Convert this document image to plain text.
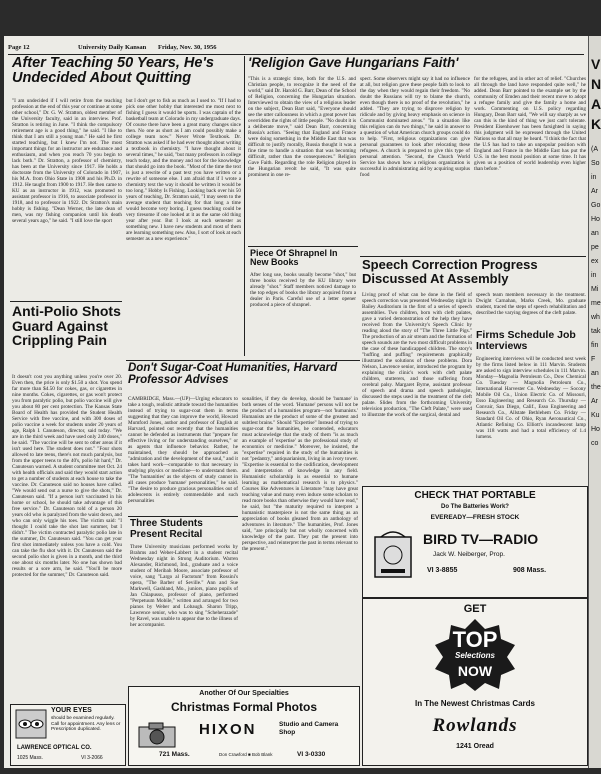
Page 12	University Daily Kansan Friday, Nov. 30, 1956
After Teaching 50 Years, He's Undecided About Quitting
"I am undecided if I will retire from the teaching profession at the end of this year or continue at some other school," Dr. G. W. Stratton, oldest member of the University faculty, said in an interview. Prof. Stratton is retiring in June. "I think the compulsory retirement age is a good thing," he said. "I like to think that I am still a young man." He said he first started teaching, but I knew I'm not. The most important things for an instructor are endurance and enthusiasm, and when you reach 70 you begin to lack both." Dr. Stratton, a professor of chemistry, has been at the University since 1917. He holds a doctorate from the University of Colorado in 1907, his M.A. from Ohio State in 1908 and his Ph.D. in 1912. He taught from 1900 to 1917. He then came to KU as an instructor in 1912, was promoted to assistant professor in 1916, to associate professor in 1918, and to professor in 1922. Dr. Stratton's main hobby is fishing. "Dean Werner, the late dean of men, was my fishing companion until his death several years ago," he said. "I still love the sport
but I don't get to fish as much as I used to. "If I had to pick one other hobby that interested me most next to fishing I guess it would be sports. I was captain of the basketball team at Colorado in my undergraduate days. Of course there have been a great many changes since then. No one as short as I am could possibly make a college team now." Never Wrote Textbook. Dr. Stratton was asked if he had ever thought about writing a textbook in chemistry. "I have thought about it several times," he said, "but many professors in college teach today, and the money and not for the knowledge that should go into the book. "Most of the time the text is just a rewrite of a past text you have written or a rewrite of someone else. I am afraid that if I wrote a chemistry text the way it should be written it would be too long." Hobby Is Fishing. Looking back over his 50 years of teaching, Dr. Stratton said, "I may seem to the average student that teaching for that long a time would become very boring. I guess teaching could be very tiresome if one looked at it as the same old thing year after year. But I look at each semester as something new. I have new students and most of them are learning something new. Also, I sort of look at each semester as a new experience."
Anti-Polio Shots Guard Against Crippling Pain
It doesn't cost you anything unless you're over 20. Even then, the price is only $1.50 a shot. You spend far more than $4.50 for cokes, gas, or cigarettes in nine months. Cokes, cigarettes, or gas won't protect you from paralytic polio, but polio vaccine will give you about 80 per cent protection. The Kansas State Board of Health has provided the Student Health Service with free vaccine, and with 300 doses of polio vaccine a week for students under 20 years of age, Ralph I. Canuteson, director, said today. "We are in the third week and have used only 240 doses," he said. "The vaccine will be sent to other areas if it isn't used here. The student does not." "Four shots allowed to late teens, there's not much paralysis, but from the upper teens to the 40's, polio hit hard," Dr. Canuteson warned. A student committee met Oct. 24 with health officials and said they would start action to get a number of students at each house to take the vaccine. Dr. Canuteson said no houses have called. "We would send out a nurse to give the shots," Dr. Canuteson said. "If a person isn't vaccinated in his home or school, he should take advantage of this free service." Dr. Canuteson told of a person 20 years old who is paralyzed from the waist down, and who can only wiggle his toes. The victim said: "I thought I could take the shot last summer, but I didn't." The victim contracted paralytic polio late in the summer, Dr. Canuteson said. "You can get your first shot immediately unless you have a cold. You can take the flu shot with it. Dr. Canuteson said the second polio shot is given in a month, and the third one about six months later. No one has shown bad results or a sore arm, he said. "You'll be more protected for the summer," Dr. Canuteson said.
YOUR EYES
should be examined regularly. Call for appointment. Any lens or Prescription duplicated.
LAWRENCE OPTICAL CO.
1025 Mass.	VI 3-2066
'Religion Gave Hungarians Faith'
"This is a strategic time, both for the U.S. and Christian people, to recognize it the need of the world," said Dr. Harold G. Barr, Dean of the School of Religion, concerning the Hungarian situation. Interviewed to obtain the view of a religious leader on the subject, Dean Barr said, "Everyone should see the utter callousness in which a great power has overridden the rights of little people. "No doubt it is a deliberate move," said Dean Barr, concerning Russia's action. "Seeing that England and France were doing something in the Middle East that was difficult to justify morally, Russia thought it was a fine time to handle a situation that was becoming difficult, rather than the consequences." Religion Gave Faith. Regarding the role Religion played in the Hungarian revolt he said, "It was quite prominent in one re-
spect. Some observers might say it had no influence at all, but religion gave these people faith to look to the day when they would regain their freedom. "No doubt the Russians will try to blame the church, even though there is no proof of the revolution," he added. "They are trying to disprove religion by ridicule and by giving heavy emphasis on science in Communist dominated areas." "In a situation like this religion can do two things," he said in answer to a question of what American church groups could do to help. "First, religious organizations can give personal guarantees to look after relocating these refugees. A church is prepared to give this type of personal attention. "Second, the Church World Service has shown how a religious organization is successful in administrating aid by acquiring surplus food
for the refugees, and in other act of relief. "Churches all through the land have responded quite well," he added. Dean Barr pointed to the example set by the community of Emden and their recent move to adopt a refugee family and give the family a home and work. Commenting on U.S. policy regarding Hungary, Dean Barr said, "We will say sharply as we can this is the kind of thing we just can't tolerate. President Eisenhower has been farsighted in saying this judgment will be expressed through the United Nations so that all may be heard. "I think the fact that the U.S has had to take an unpopular position with England and France in the Middle East has put the U.S. in the best moral position at some time. It has given us a position of world leadership even higher than before."
Piece Of Shrapnel In New Books
After long use, books usually become "shot," but three books received by the KU library were already "shot." Staff members noticed damage to the top edges of books the library acquired from a dealer in Paris. Careful use of a letter opener produced a piece of shrapnel.
Speech Correction Progress Discussed At Assembly
Living proof of what can be done in the field of speech correction was presented Wednesday night in Bailey Auditorium in the first of a series of speech assemblies. Two children, born with cleft palates, gave a varied demonstration of the help they have received from the University's Speech Clinic by reading aloud the story of "The Three Little Pigs." The production of an air stream and the formation of speech sounds are the two most difficult problems in the case of these handicapped children. The story's "huffing and puffing" requirements graphically illustrated the solutions of these problems. Dora Nelson, Lawrence senior, introduced the program by explaining the clinic's work with cleft palate children, stutterers, and those suffering from cerebral palsy. Margaret Byrne, assistant professor of speech and drama and speech pathologist, discussed the steps used in the treatment of the cleft palate. Slides from the forthcoming University television production, "The Cleft Palate," were used to illustrate the work of the surgical, dental and
speech team members necessary in the treatment. Dwight Carnahan, Marks Creek, Mo. graduate student, traced the steps of speech rehabilitation and described the varying degrees of the cleft palate.
Firms Schedule Job Interviews
Engineering interviews will be conducted next week by the firms listed below in 111 Marvin. Students are asked to sign interview schedules in 111 Marvin. Monday—Magnolia Petroleum Co., Dow Chemical Co. Tuesday — Magnolia Petroleum Co., International Harvester Co. Wednesday — Socony Mobile Oil Co., Union Electric Co. of Missouri, Esso Engineering and Research Co. Thursday — Convair, San Diego, Calif., Esso Engineering and Research Co., Allstate Bethlehem Co. Friday — Standard Oil Co. of Ohio, Ryan Aeronautical Co., Atlantic Refining Co. Elliott's incandescent lamp was 118 watts and had a total efficiency of 1.4 lumens.
Don't Sugar-Coat Humanities, Harvard Professor Advises
CAMBRIDGE, Mass.—(UP)—Urging educators to take a tough, realistic attitude toward the humanities instead of trying to sugar-coat them in terms suggesting that they can improve the world, Howard Mumford Jones, author and professor of English at Harvard, pointed out recently that the humanities cannot be defended as instruments that "prepare for effective living or for understanding ourselves," or as agents that influence behavior. Rather, he maintained, they should be approached as "admiration and the development of the soul," and it takes hard work—comparable to that necessary in studying physics or medicine—to understand them. "The 'humanities' as the objects of study cannot in all cases produce 'humane' personalities," he said. "The desire to produce gracious personalities out of adolescents is entirely commendable and such personalities
sonalities, if they do develop, should be 'humane' in both senses of the word. 'Humane' persons will not be the product of a humanities program—not 'humanists.' Humanists are the product of some of the greatest and subtlest brains." Should "Expertise" Instead of trying to sugar-coat the humanities, he contended, educators must acknowledge that the study of them "is as much an example of 'expertise' as the professional study of economics or medicine." Moreover, he insisted, the "expertise" required in the study of the humanities is not "pedantry," antiquarianism, living in an ivory tower. "Expertise is essential to the codification, development and interpretation of knowledge in any field. Humanistic scholarship is as essential to humane learning as mathematical research is to physics." Courses like Adventures in Literature "may have great teaching value and many even induce some scholars to read more books than otherwise they would have read," he said, but "the maturity required to interpret a humanistic masterpiece is not the same thing as an appreciation of books gleaned from an anthology of adventures in literature." The humanities, Prof. Jones said, "are principally but not wholly concerned with knowledge of the past. They put the present into perspective, and reinterpret the past in terms relevant to the present."
Three Students Present Recital
Three University musicians performed works by Brahms and Weber-Labbert in a student recital Wednesday night in Strong Auditorium. Warren Alexander, Richmond, Ind., graduate and a voice student of Meribah Moore, associate professor of voice, sang "Largo al Factotum" from Rossini's opera, "The Barber of Seville." Ann and Sue Markwell, Gashland, Mo., juniors, piano pupils of Jan Chiapusso, professor of piano, performed "Perpetuum Mobile," written and arranged for two pianos by Weber and Lobaugh. Sharon Tripp, Lawrence senior, who was to sing "Scheherazade" by Ravel, was unable to appear due to the illness of her accompanist.
CHECK THAT PORTABLE
Do The Batteries Work?
EVEREADY—FRESH STOCK
BIRD TV—RADIO
Jack W. Neiberger, Prop.
VI 3-8855	908 Mass.
GET
TOP
Selections
NOW
In The Newest Christmas Cards
Rowlands
1241 Oread
Another Of Our Specialties
Christmas Formal Photos
HIXON	Studio and Camera Shop
721 Mass.	Don Crawford ■ Bob Blank	VI 3-0330
V
N
A
K
(A
So
in
Ar
Go
Ho
an
pe
ex
in
Mi
me
wh
tak
fin
F
an
the
Ar
Ku
Ho
co
